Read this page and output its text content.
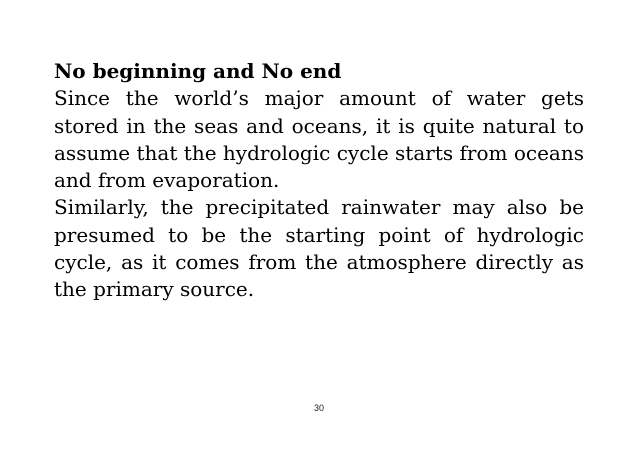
No beginning and No end

Since the world’s major amount of water gets stored in the seas and oceans, it is quite natural to assume that the hydrologic cycle starts from oceans and from evaporation.

Similarly, the precipitated rainwater may also be presumed to be the starting point of hydrologic cycle, as it comes from the atmosphere directly as the primary source.

30
